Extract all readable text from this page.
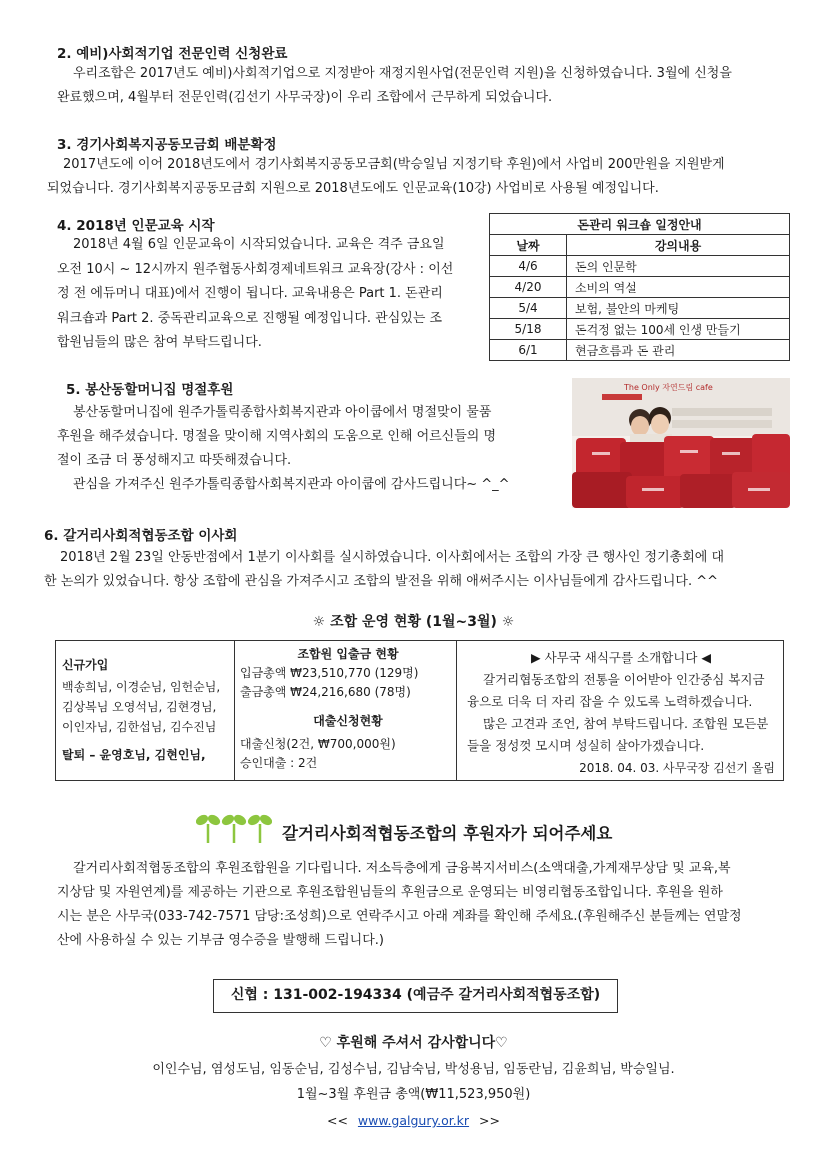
2. 예비)사회적기업 전문인력 신청완료
우리조합은 2017년도 예비)사회적기업으로 지정받아 재정지원사업(전문인력 지원)을 신청하였습니다. 3월에 신청을
완료했으며, 4월부터 전문인력(김선기 사무국장)이 우리 조합에서 근무하게 되었습니다.
3. 경기사회복지공동모금회 배분확정
2017년도에 이어 2018년도에서 경기사회복지공동모금회(박승일님 지정기탁 후원)에서 사업비 200만원을 지원받게
되었습니다. 경기사회복지공동모금회 지원으로 2018년도에도 인문교육(10강) 사업비로 사용될 예정입니다.
4. 2018년 인문교육 시작
2018년 4월 6일 인문교육이 시작되었습니다. 교육은 격주 금요일
오전 10시 ~ 12시까지 원주협동사회경제네트워크 교육장(강사 : 이선
정 전 에듀머니 대표)에서 진행이 됩니다. 교육내용은 Part 1. 돈관리
워크숍과 Part 2. 중독관리교육으로 진행될 예정입니다. 관심있는 조
합원님들의 많은 참여 부탁드립니다.
돈관리 워크숍 일정안내	
날짜	강의내용
4/6	돈의 인문학
4/20	소비의 역설
5/4	보험, 불안의 마케팅
5/18	돈걱정 없는 100세 인생 만들기
6/1	현금흐름과 돈 관리
5. 봉산동할머니집 명절후원
봉산동할머니집에 원주가톨릭종합사회복지관과 아이쿱에서 명절맞이 물품
후원을 해주셨습니다. 명절을 맞이해 지역사회의 도움으로 인해 어르신들의 명
절이 조금 더 풍성해지고 따뜻해졌습니다.
관심을 가져주신 원주가톨릭종합사회복지관과 아이쿱에 감사드립니다~ ^_^
The Only 자연드림 cafe
6. 갈거리사회적협동조합 이사회
2018년 2월 23일 안동반점에서 1분기 이사회를 실시하였습니다. 이사회에서는 조합의 가장 큰 행사인 정기총회에 대
한 논의가 있었습니다. 항상 조합에 관심을 가져주시고 조합의 발전을 위해 애써주시는 이사님들에게 감사드립니다. ^^
☼ 조합 운영 현황 (1월~3월) ☼
신규가입
백송희님, 이경순님, 임헌순님,
김상복님 오영석님, 김현경님,
이인자님, 김한섭님, 김수진님
탈퇴 – 윤영호님, 김현인님,
조합원 입출금 현황
입금총액 ₩23,510,770 (129명)
출금총액 ₩24,216,680 (78명)
대출신청현황
대출신청(2건, ₩700,000원)
승인대출 : 2건
▶ 사무국 새식구를 소개합니다 ◀
갈거리협동조합의 전통을 이어받아 인간중심 복지금
융으로 더욱 더 자리 잡을 수 있도록 노력하겠습니다.
많은 고견과 조언, 참여 부탁드립니다. 조합원 모든분
들을 정성껏 모시며 성실히 살아가겠습니다.
2018. 04. 03. 사무국장 김선기 올림
갈거리사회적협동조합의 후원자가 되어주세요
갈거리사회적협동조합의 후원조합원을 기다립니다. 저소득층에게 금융복지서비스(소액대출,가계재무상담 및 교육,복
지상담 및 자원연계)를 제공하는 기관으로 후원조합원님들의 후원금으로 운영되는 비영리협동조합입니다. 후원을 원하
시는 분은 사무국(033-742-7571 담당:조성희)으로 연락주시고 아래 계좌를 확인해 주세요.(후원해주신 분들께는 연말정
산에 사용하실 수 있는 기부금 영수증을 발행해 드립니다.)
신협 : 131-002-194334 (예금주 갈거리사회적협동조합)
♡ 후원해 주셔서 감사합니다♡
이인수님, 염성도님, 임동순님, 김성수님, 김남숙님, 박성용님, 임동란님, 김윤희님, 박승일님.
1월~3월 후원금 총액(₩11,523,950원)
<< www.galgury.or.kr >>
